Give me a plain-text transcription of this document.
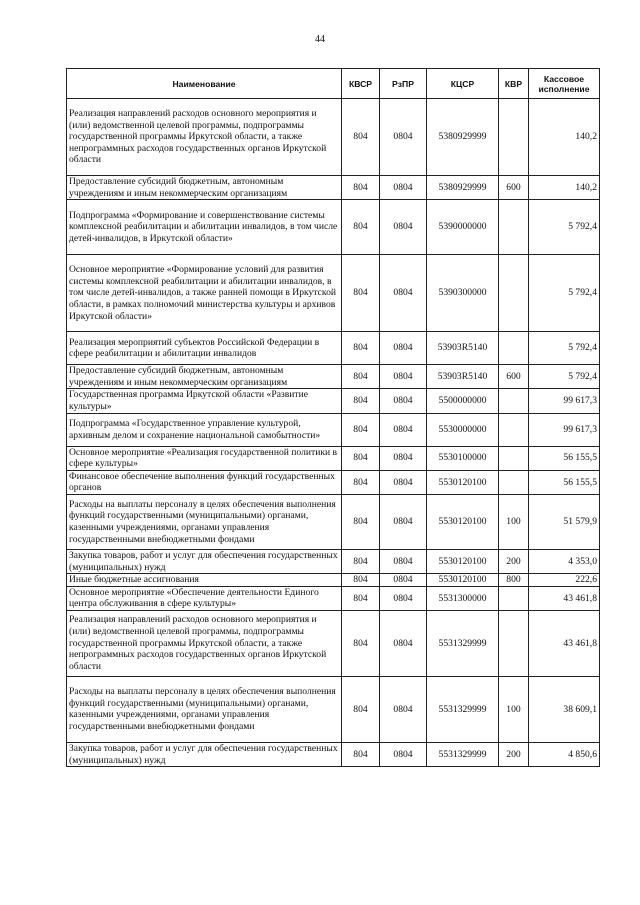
44
Наименование	КВСР	РзПР	КЦСР	КВР	Кассовое исполнение
Реализация направлений расходов основного мероприятия и (или) ведомственной целевой программы, подпрограммы государственной программы Иркутской области, а также непрограммных расходов государственных органов Иркутской области	804	0804	5380929999		140,2
Предоставление субсидий бюджетным, автономным учреждениям и иным некоммерческим организациям	804	0804	5380929999	600	140,2
Подпрограмма «Формирование и совершенствование системы комплексной реабилитации и абилитации инвалидов, в том числе детей-инвалидов, в Иркутской области»	804	0804	5390000000		5 792,4
Основное мероприятие «Формирование условий для развития системы комплексной реабилитации и абилитации инвалидов, в том числе детей-инвалидов, а также ранней помощи в Иркутской области, в рамках полномочий министерства культуры и архивов Иркутской области»	804	0804	5390300000		5 792,4
Реализация мероприятий субъектов Российской Федерации в сфере реабилитации и абилитации инвалидов	804	0804	53903R5140		5 792,4
Предоставление субсидий бюджетным, автономным учреждениям и иным некоммерческим организациям	804	0804	53903R5140	600	5 792,4
Государственная программа Иркутской области «Развитие культуры»	804	0804	5500000000		99 617,3
Подпрограмма «Государственное управление культурой, архивным делом и сохранение национальной самобытности»	804	0804	5530000000		99 617,3
Основное мероприятие «Реализация государственной политики в сфере культуры»	804	0804	5530100000		56 155,5
Финансовое обеспечение выполнения функций государственных органов	804	0804	5530120100		56 155,5
Расходы на выплаты персоналу в целях обеспечения выполнения функций государственными (муниципальными) органами, казенными учреждениями, органами управления государственными внебюджетными фондами	804	0804	5530120100	100	51 579,9
Закупка товаров, работ и услуг для обеспечения государственных (муниципальных) нужд	804	0804	5530120100	200	4 353,0
Иные бюджетные ассигнования	804	0804	5530120100	800	222,6
Основное мероприятие «Обеспечение деятельности Единого центра обслуживания в сфере культуры»	804	0804	5531300000		43 461,8
Реализация направлений расходов основного мероприятия и (или) ведомственной целевой программы, подпрограммы государственной программы Иркутской области, а также непрограммных расходов государственных органов Иркутской области	804	0804	5531329999		43 461,8
Расходы на выплаты персоналу в целях обеспечения выполнения функций государственными (муниципальными) органами, казенными учреждениями, органами управления государственными внебюджетными фондами	804	0804	5531329999	100	38 609,1
Закупка товаров, работ и услуг для обеспечения государственных (муниципальных) нужд	804	0804	5531329999	200	4 850,6
